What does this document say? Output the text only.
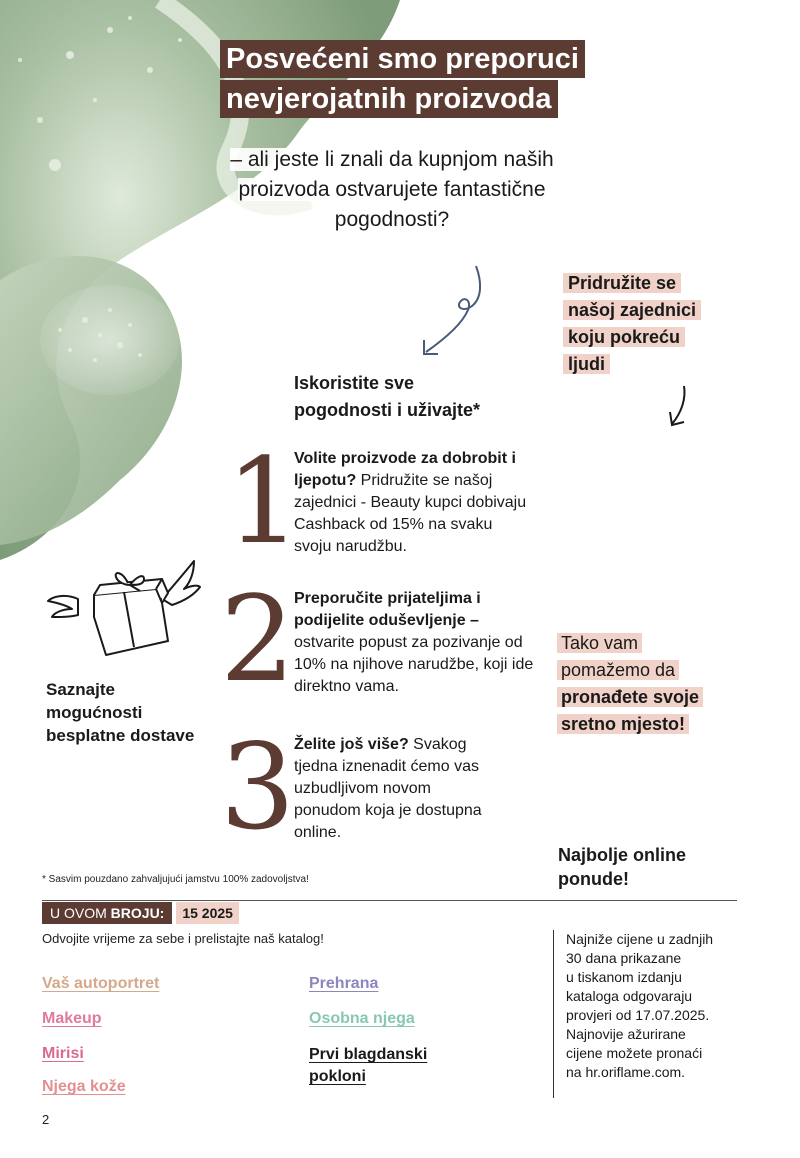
Posvećeni smo preporuci
nevjerojatnih proizvoda
– ali jeste li znali da kupnjom naših
proizvoda ostvarujete fantastične
pogodnosti?
Pridružite se
našoj zajednici
koju pokreću
ljudi
Iskoristite sve
pogodnosti i uživajte*
1
2
3
Volite proizvode za dobrobit i ljepotu? Pridružite se našoj zajednici - Beauty kupci dobivaju Cashback od 15% na svaku svoju narudžbu.
Preporučite prijateljima i podijelite oduševljenje – ostvarite popust za pozivanje od 10% na njihove narudžbe, koji ide direktno vama.
Želite još više? Svakog tjedna iznenadit ćemo vas uzbudljivom novom ponudom koja je dostupna online.
Saznajte
mogućnosti
besplatne dostave
Tako vam
pomažemo da
pronađete svoje
sretno mjesto!
Najbolje online
ponude!
* Sasvim pouzdano zahvaljujući jamstvu 100% zadovoljstva!
U OVOM BROJU:	15 2025
Odvojite vrijeme za sebe i prelistajte naš katalog!
Vaš autoportret
Makeup
Mirisi
Njega kože
Prehrana
Osobna njega
Prvi blagdanski
pokloni
Najniže cijene u zadnjih
30 dana prikazane
u tiskanom izdanju
kataloga odgovaraju
provjeri od 17.07.2025.
Najnovije ažurirane
cijene možete pronaći
na hr.oriflame.com.
2
